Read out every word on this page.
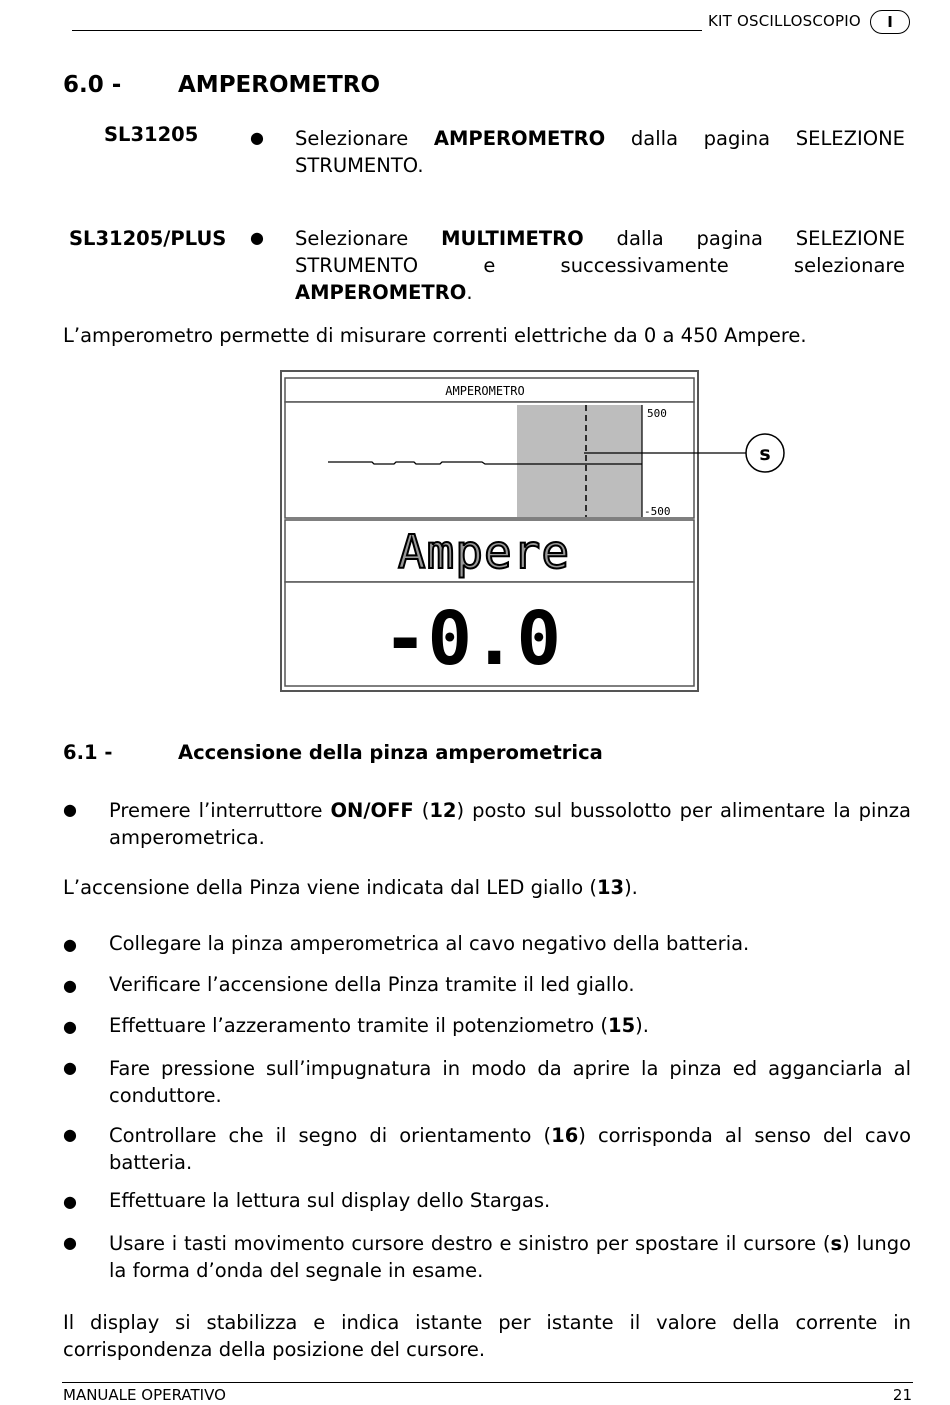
KIT OSCILLOSCOPIO	I
6.0 - AMPEROMETRO
SL31205	● Selezionare AMPEROMETRO dalla pagina SELEZIONE STRUMENTO.
SL31205/PLUS ● Selezionare MULTIMETRO dalla pagina SELEZIONE STRUMENTO e successivamente selezionare AMPEROMETRO.
L’amperometro permette di misurare correnti elettriche da 0 a 450 Ampere.
AMPEROMETRO
500
-500
Ampere
-0.0
s
6.1 -	Accensione della pinza amperometrica
● Premere l’interruttore ON/OFF (12) posto sul bussolotto per alimentare la pinza amperometrica.
L’accensione della Pinza viene indicata dal LED giallo (13).
● Collegare la pinza amperometrica al cavo negativo della batteria.
● Verificare l’accensione della Pinza tramite il led giallo.
● Effettuare l’azzeramento tramite il potenziometro (15).
● Fare pressione sull’impugnatura in modo da aprire la pinza ed agganciarla al conduttore.
● Controllare che il segno di orientamento (16) corrisponda al senso del cavo batteria.
● Effettuare la lettura sul display dello Stargas.
● Usare i tasti movimento cursore destro e sinistro per spostare il cursore (s) lungo la forma d’onda del segnale in esame.
Il display si stabilizza e indica istante per istante il valore della corrente in corrispondenza della posizione del cursore.
MANUALE OPERATIVO	21
